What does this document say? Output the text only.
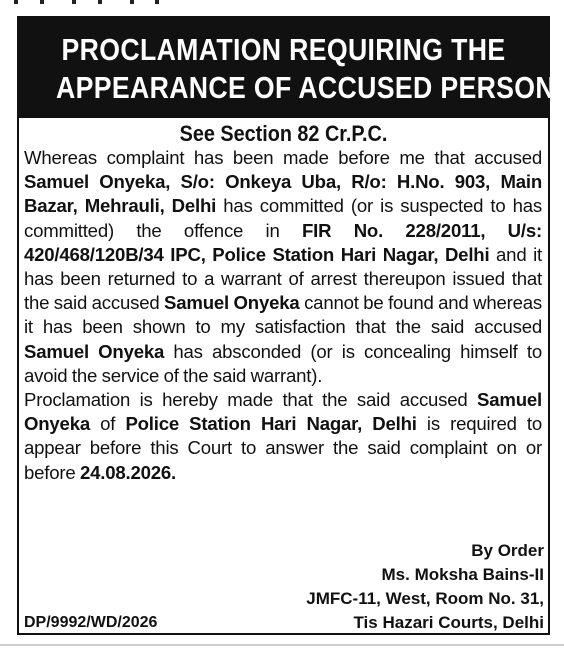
PROCLAMATION REQUIRING THE
APPEARANCE OF ACCUSED PERSON
See Section 82 Cr.P.C.

Whereas complaint has been made before me that accused Samuel Onyeka, S/o: Onkeya Uba, R/o: H.No. 903, Main Bazar, Mehrauli, Delhi has committed (or is suspected to has committed) the offence in FIR No. 228/2011, U/s: 420/468/120B/34 IPC, Police Station Hari Nagar, Delhi and it has been returned to a warrant of arrest thereupon issued that the said accused Samuel Onyeka cannot be found and whereas it has been shown to my satisfaction that the said accused Samuel Onyeka has absconded (or is concealing himself to avoid the service of the said warrant).

Proclamation is hereby made that the said accused Samuel Onyeka of Police Station Hari Nagar, Delhi is required to appear before this Court to answer the said complaint on or before 24.08.2026.

By Order
Ms. Moksha Bains-II
JMFC-11, West, Room No. 31,
Tis Hazari Courts, Delhi
DP/9992/WD/2026
